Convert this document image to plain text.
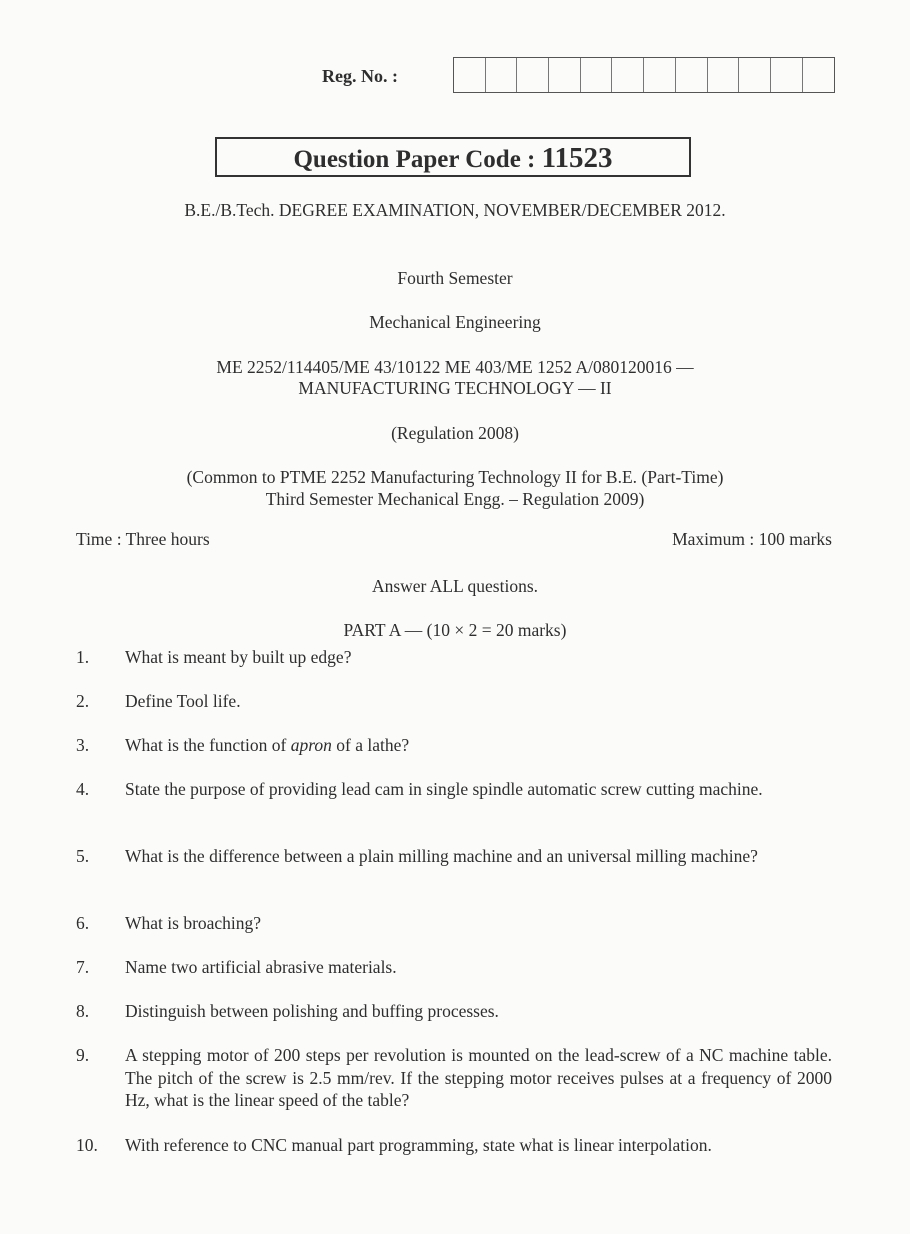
Reg. No. :
Question Paper Code : 11523
B.E./B.Tech. DEGREE EXAMINATION, NOVEMBER/DECEMBER 2012.
Fourth Semester
Mechanical Engineering
ME 2252/114405/ME 43/10122 ME 403/ME 1252 A/080120016 —
MANUFACTURING TECHNOLOGY — II
(Regulation 2008)
(Common to PTME 2252 Manufacturing Technology II for B.E. (Part-Time)
Third Semester Mechanical Engg. – Regulation 2009)
Time : Three hours	Maximum : 100 marks
Answer ALL questions.
PART A — (10 × 2 = 20 marks)
1. What is meant by built up edge?
2. Define Tool life.
3. What is the function of apron of a lathe?
4. State the purpose of providing lead cam in single spindle automatic screw cutting machine.
5. What is the difference between a plain milling machine and an universal milling machine?
6. What is broaching?
7. Name two artificial abrasive materials.
8. Distinguish between polishing and buffing processes.
9. A stepping motor of 200 steps per revolution is mounted on the lead-screw of a NC machine table. The pitch of the screw is 2.5 mm/rev. If the stepping motor receives pulses at a frequency of 2000 Hz, what is the linear speed of the table?
10. With reference to CNC manual part programming, state what is linear interpolation.
